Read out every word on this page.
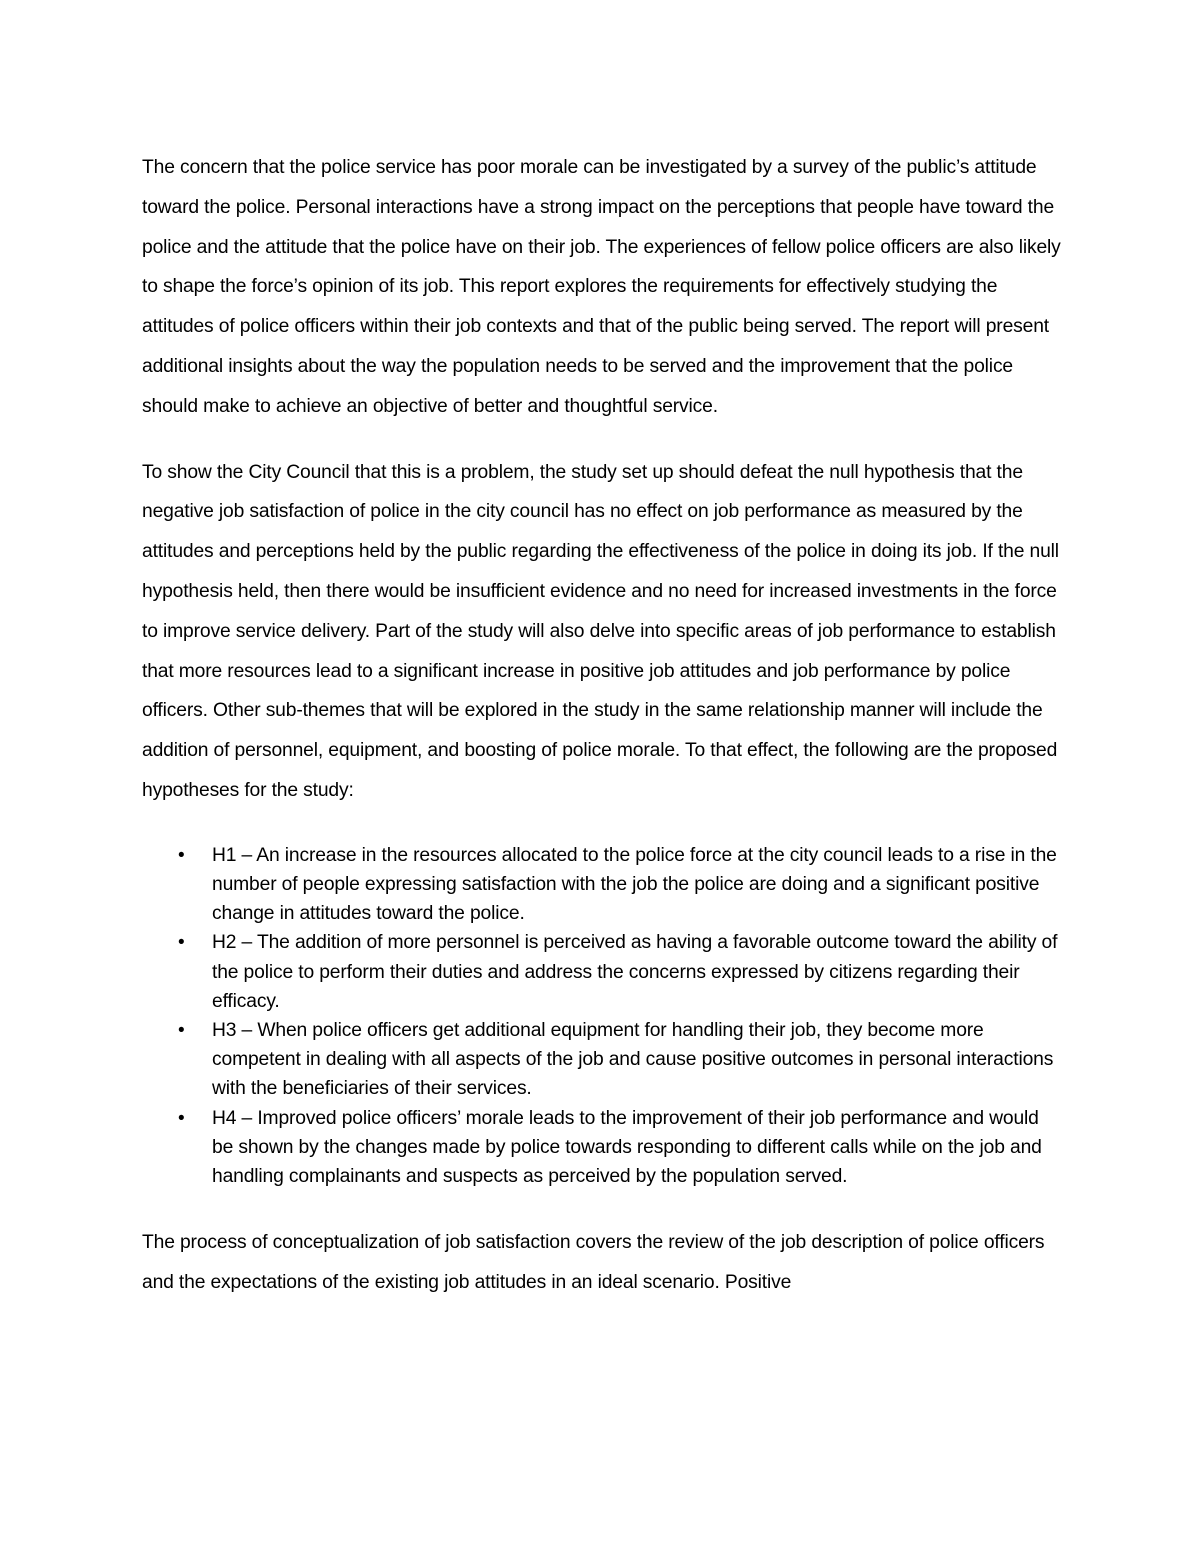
The concern that the police service has poor morale can be investigated by a survey of the public’s attitude toward the police. Personal interactions have a strong impact on the perceptions that people have toward the police and the attitude that the police have on their job. The experiences of fellow police officers are also likely to shape the force’s opinion of its job. This report explores the requirements for effectively studying the attitudes of police officers within their job contexts and that of the public being served. The report will present additional insights about the way the population needs to be served and the improvement that the police should make to achieve an objective of better and thoughtful service.

To show the City Council that this is a problem, the study set up should defeat the null hypothesis that the negative job satisfaction of police in the city council has no effect on job performance as measured by the attitudes and perceptions held by the public regarding the effectiveness of the police in doing its job. If the null hypothesis held, then there would be insufficient evidence and no need for increased investments in the force to improve service delivery. Part of the study will also delve into specific areas of job performance to establish that more resources lead to a significant increase in positive job attitudes and job performance by police officers. Other sub-themes that will be explored in the study in the same relationship manner will include the addition of personnel, equipment, and boosting of police morale. To that effect, the following are the proposed hypotheses for the study:

• H1 – An increase in the resources allocated to the police force at the city council leads to a rise in the number of people expressing satisfaction with the job the police are doing and a significant positive change in attitudes toward the police.
• H2 – The addition of more personnel is perceived as having a favorable outcome toward the ability of the police to perform their duties and address the concerns expressed by citizens regarding their efficacy.
• H3 – When police officers get additional equipment for handling their job, they become more competent in dealing with all aspects of the job and cause positive outcomes in personal interactions with the beneficiaries of their services.
• H4 – Improved police officers’ morale leads to the improvement of their job performance and would be shown by the changes made by police towards responding to different calls while on the job and handling complainants and suspects as perceived by the population served.

The process of conceptualization of job satisfaction covers the review of the job description of police officers and the expectations of the existing job attitudes in an ideal scenario. Positive
